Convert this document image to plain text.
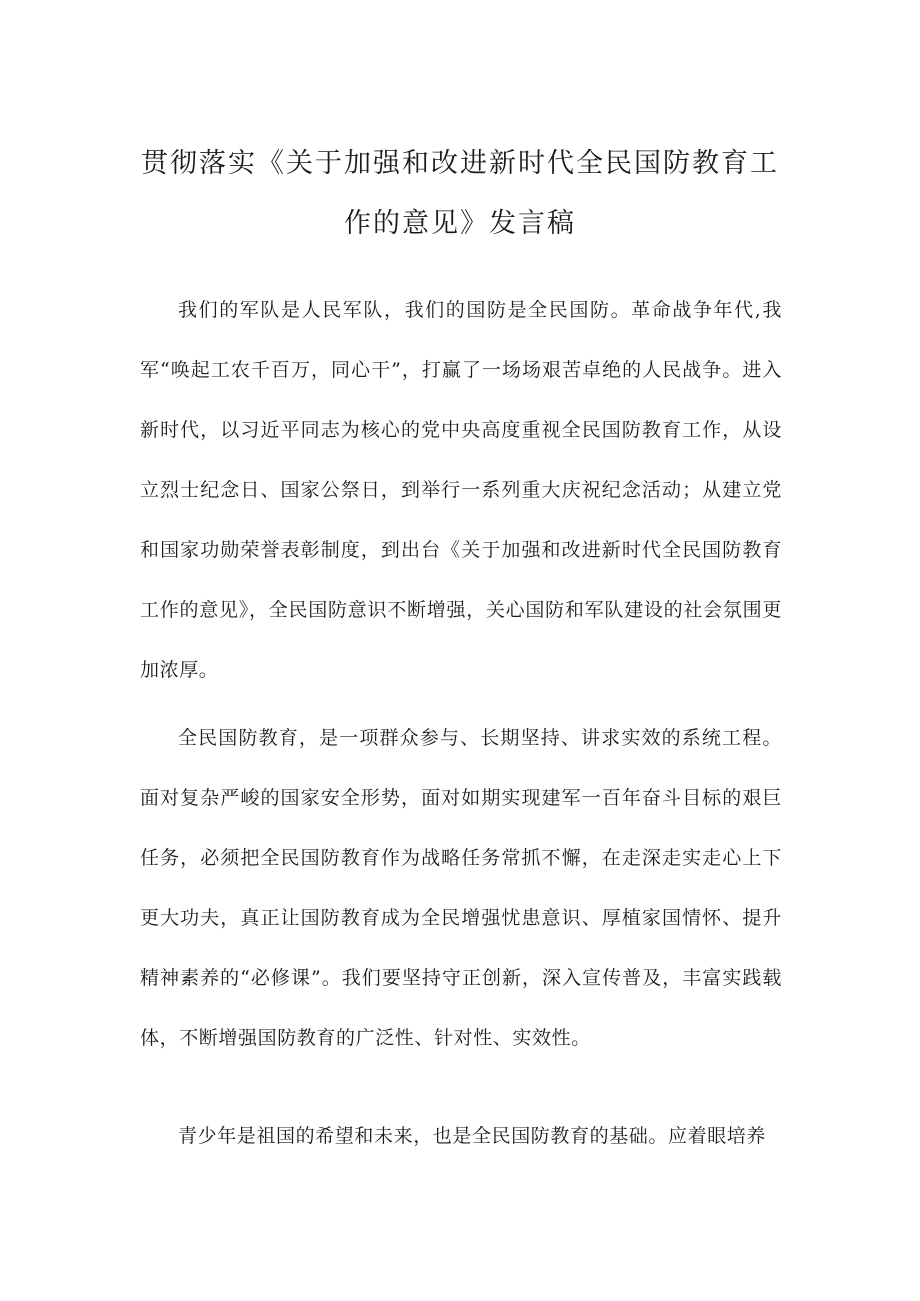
贯彻落实《关于加强和改进新时代全民国防教育工作的意见》发言稿

我们的军队是人民军队，我们的国防是全民国防。革命战争年代,我军“唤起工农千百万，同心干”，打赢了一场场艰苦卓绝的人民战争。进入新时代，以习近平同志为核心的党中央高度重视全民国防教育工作，从设立烈士纪念日、国家公祭日，到举行一系列重大庆祝纪念活动；从建立党和国家功勋荣誉表彰制度，到出台《关于加强和改进新时代全民国防教育工作的意见》，全民国防意识不断增强，关心国防和军队建设的社会氛围更加浓厚。

全民国防教育，是一项群众参与、长期坚持、讲求实效的系统工程。面对复杂严峻的国家安全形势，面对如期实现建军一百年奋斗目标的艰巨任务，必须把全民国防教育作为战略任务常抓不懈，在走深走实走心上下更大功夫，真正让国防教育成为全民增强忧患意识、厚植家国情怀、提升精神素养的“必修课”。我们要坚持守正创新，深入宣传普及，丰富实践载体，不断增强国防教育的广泛性、针对性、实效性。

青少年是祖国的希望和未来，也是全民国防教育的基础。应着眼培养
